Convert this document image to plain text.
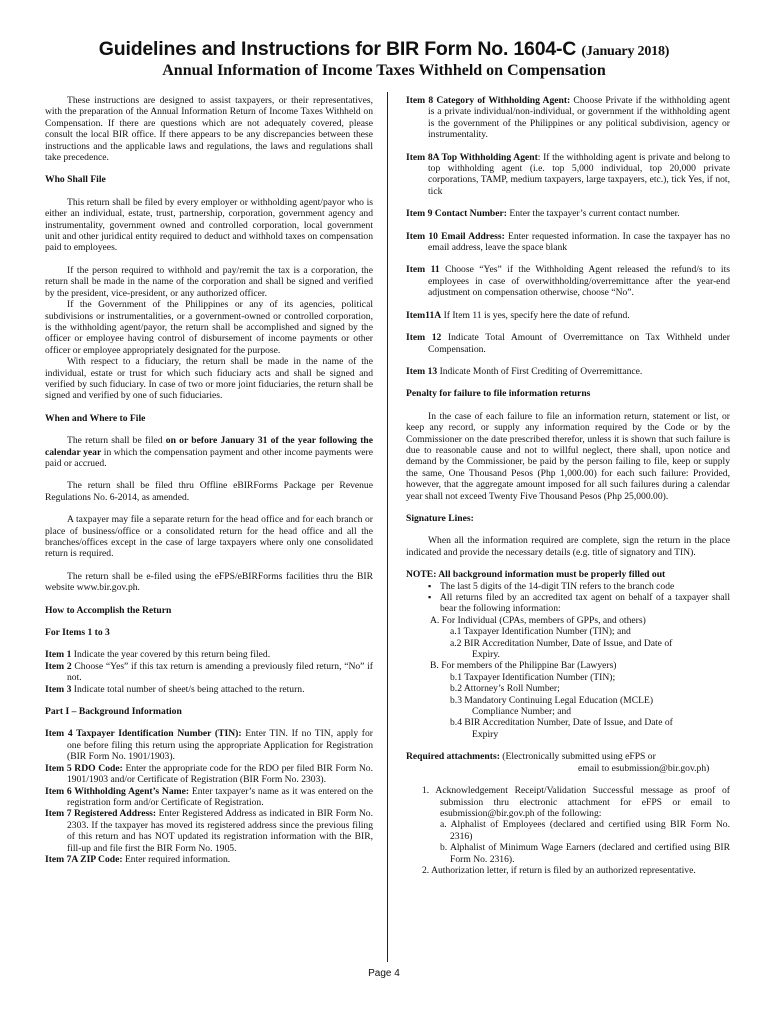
Guidelines and Instructions for BIR Form No. 1604-C (January 2018)
Annual Information of Income Taxes Withheld on Compensation

These instructions are designed to assist taxpayers, or their representatives, with the preparation of the Annual Information Return of Income Taxes Withheld on Compensation. If there are questions which are not adequately covered, please consult the local BIR office. If there appears to be any discrepancies between these instructions and the applicable laws and regulations, the laws and regulations shall take precedence.

Who Shall File

This return shall be filed by every employer or withholding agent/payor who is either an individual, estate, trust, partnership, corporation, government agency and instrumentality, government owned and controlled corporation, local government unit and other juridical entity required to deduct and withhold taxes on compensation paid to employees.

If the person required to withhold and pay/remit the tax is a corporation, the return shall be made in the name of the corporation and shall be signed and verified by the president, vice-president, or any authorized officer.

If the Government of the Philippines or any of its agencies, political subdivisions or instrumentalities, or a government-owned or controlled corporation, is the withholding agent/payor, the return shall be accomplished and signed by the officer or employee having control of disbursement of income payments or other officer or employee appropriately designated for the purpose.

With respect to a fiduciary, the return shall be made in the name of the individual, estate or trust for which such fiduciary acts and shall be signed and verified by such fiduciary. In case of two or more joint fiduciaries, the return shall be signed and verified by one of such fiduciaries.

When and Where to File

The return shall be filed on or before January 31 of the year following the calendar year in which the compensation payment and other income payments were paid or accrued.

The return shall be filed thru Offline eBIRForms Package per Revenue Regulations No. 6-2014, as amended.

A taxpayer may file a separate return for the head office and for each branch or place of business/office or a consolidated return for the head office and all the branches/offices except in the case of large taxpayers where only one consolidated return is required.

The return shall be e-filed using the eFPS/eBIRForms facilities thru the BIR website www.bir.gov.ph.

How to Accomplish the Return

For Items 1 to 3

Item 1 Indicate the year covered by this return being filed.

Item 2 Choose “Yes” if this tax return is amending a previously filed return, “No” if not.

Item 3 Indicate total number of sheet/s being attached to the return.

Part I – Background Information

Item 4 Taxpayer Identification Number (TIN): Enter TIN. If no TIN, apply for one before filing this return using the appropriate Application for Registration (BIR Form No. 1901/1903).

Item 5 RDO Code: Enter the appropriate code for the RDO per filed BIR Form No. 1901/1903 and/or Certificate of Registration (BIR Form No. 2303).

Item 6 Withholding Agent’s Name: Enter taxpayer’s name as it was entered on the registration form and/or Certificate of Registration.

Item 7 Registered Address: Enter Registered Address as indicated in BIR Form No. 2303. If the taxpayer has moved its registered address since the previous filing of this return and has NOT updated its registration information with the BIR, fill-up and file first the BIR Form No. 1905.

Item 7A ZIP Code: Enter required information.

Item 8 Category of Withholding Agent: Choose Private if the withholding agent is a private individual/non-individual, or government if the withholding agent is the government of the Philippines or any political subdivision, agency or instrumentality.

Item 8A Top Withholding Agent: If the withholding agent is private and belong to top withholding agent (i.e. top 5,000 individual, top 20,000 private corporations, TAMP, medium taxpayers, large taxpayers, etc.), tick Yes, if not, tick

Item 9 Contact Number: Enter the taxpayer’s current contact number.

Item 10 Email Address: Enter requested information. In case the taxpayer has no email address, leave the space blank

Item 11 Choose “Yes” if the Withholding Agent released the refund/s to its employees in case of overwithholding/overremittance after the year-end adjustment on compensation otherwise, choose “No”.

Item11A If Item 11 is yes, specify here the date of refund.

Item 12 Indicate Total Amount of Overremittance on Tax Withheld under Compensation.

Item 13 Indicate Month of First Crediting of Overremittance.

Penalty for failure to file information returns

In the case of each failure to file an information return, statement or list, or keep any record, or supply any information required by the Code or by the Commissioner on the date prescribed therefor, unless it is shown that such failure is due to reasonable cause and not to willful neglect, there shall, upon notice and demand by the Commissioner, be paid by the person failing to file, keep or supply the same, One Thousand Pesos (Php 1,000.00) for each such failure: Provided, however, that the aggregate amount imposed for all such failures during a calendar year shall not exceed Twenty Five Thousand Pesos (Php 25,000.00).

Signature Lines:

When all the information required are complete, sign the return in the place indicated and provide the necessary details (e.g. title of signatory and TIN).

NOTE: All background information must be properly filled out

▪ The last 5 digits of the 14-digit TIN refers to the branch code
▪ All returns filed by an accredited tax agent on behalf of a taxpayer shall bear the following information:

A. For Individual (CPAs, members of GPPs, and others)

a.1 Taxpayer Identification Number (TIN); and

a.2 BIR Accreditation Number, Date of Issue, and Date of

Expiry.

B. For members of the Philippine Bar (Lawyers)

b.1 Taxpayer Identification Number (TIN);

b.2 Attorney’s Roll Number;

b.3 Mandatory Continuing Legal Education (MCLE)

Compliance Number; and

b.4 BIR Accreditation Number, Date of Issue, and Date of

Expiry

Required attachments: (Electronically submitted using eFPS or

email to esubmission@bir.gov.ph)

1. Acknowledgement Receipt/Validation Successful message as proof of submission thru electronic attachment for eFPS or email to esubmission@bir.gov.ph of the following:

a. Alphalist of Employees (declared and certified using BIR Form No. 2316)

b. Alphalist of Minimum Wage Earners (declared and certified using BIR Form No. 2316).

2. Authorization letter, if return is filed by an authorized representative.

Page 4
